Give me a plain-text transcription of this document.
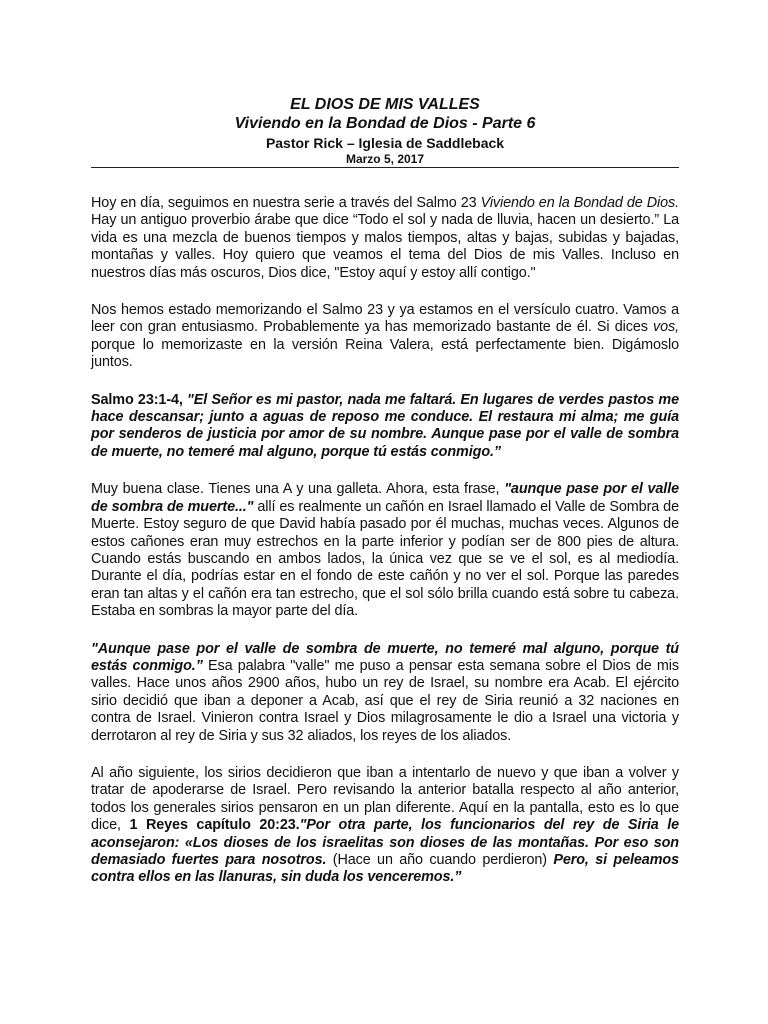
EL DIOS DE MIS VALLES
Viviendo en la Bondad de Dios - Parte 6
Pastor Rick – Iglesia de Saddleback
Marzo 5, 2017

Hoy en día, seguimos en nuestra serie a través del Salmo 23 Viviendo en la Bondad de Dios. Hay un antiguo proverbio árabe que dice “Todo el sol y nada de lluvia, hacen un desierto.” La vida es una mezcla de buenos tiempos y malos tiempos, altas y bajas, subidas y bajadas, montañas y valles. Hoy quiero que veamos el tema del Dios de mis Valles. Incluso en nuestros días más oscuros, Dios dice, "Estoy aquí y estoy allí contigo."

Nos hemos estado memorizando el Salmo 23 y ya estamos en el versículo cuatro. Vamos a leer con gran entusiasmo. Probablemente ya has memorizado bastante de él. Si dices vos, porque lo memorizaste en la versión Reina Valera, está perfectamente bien. Digámoslo juntos.

Salmo 23:1-4, "El Señor es mi pastor, nada me faltará. En lugares de verdes pastos me hace descansar; junto a aguas de reposo me conduce. El restaura mi alma; me guía por senderos de justicia por amor de su nombre. Aunque pase por el valle de sombra de muerte, no temeré mal alguno, porque tú estás conmigo.”

Muy buena clase. Tienes una A y una galleta. Ahora, esta frase, "aunque pase por el valle de sombra de muerte..." allí es realmente un cañón en Israel llamado el Valle de Sombra de Muerte. Estoy seguro de que David había pasado por él muchas, muchas veces. Algunos de estos cañones eran muy estrechos en la parte inferior y podían ser de 800 pies de altura. Cuando estás buscando en ambos lados, la única vez que se ve el sol, es al mediodía. Durante el día, podrías estar en el fondo de este cañón y no ver el sol. Porque las paredes eran tan altas y el cañón era tan estrecho, que el sol sólo brilla cuando está sobre tu cabeza. Estaba en sombras la mayor parte del día.

"Aunque pase por el valle de sombra de muerte, no temeré mal alguno, porque tú estás conmigo.” Esa palabra "valle" me puso a pensar esta semana sobre el Dios de mis valles. Hace unos años 2900 años, hubo un rey de Israel, su nombre era Acab. El ejército sirio decidió que iban a deponer a Acab, así que el rey de Siria reunió a 32 naciones en contra de Israel. Vinieron contra Israel y Dios milagrosamente le dio a Israel una victoria y derrotaron al rey de Siria y sus 32 aliados, los reyes de los aliados.

Al año siguiente, los sirios decidieron que iban a intentarlo de nuevo y que iban a volver y tratar de apoderarse de Israel. Pero revisando la anterior batalla respecto al año anterior, todos los generales sirios pensaron en un plan diferente. Aquí en la pantalla, esto es lo que dice, 1 Reyes capítulo 20:23."Por otra parte, los funcionarios del rey de Siria le aconsejaron: «Los dioses de los israelitas son dioses de las montañas. Por eso son demasiado fuertes para nosotros. (Hace un año cuando perdieron) Pero, si peleamos contra ellos en las llanuras, sin duda los venceremos.”
